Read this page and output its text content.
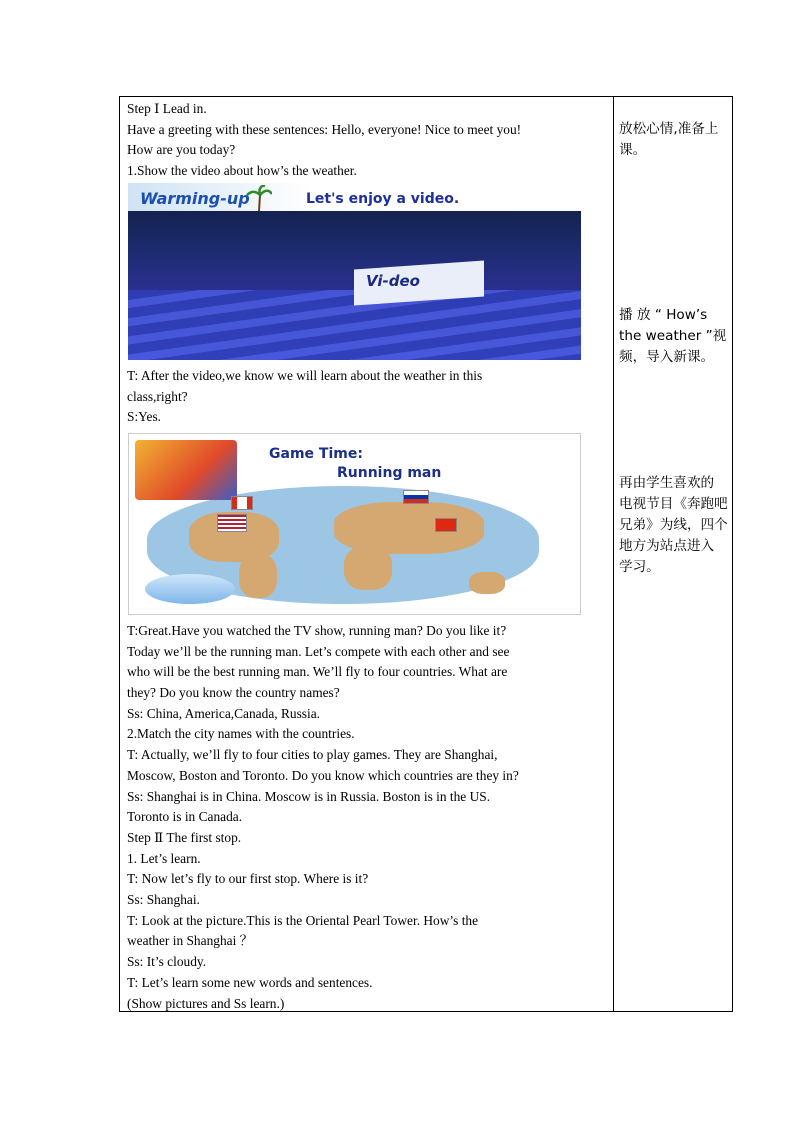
Step Ⅰ Lead in.

Have a greeting with these sentences: Hello, everyone! Nice to meet you!

How are you today?

1.Show the video about how’s the weather.

Warming-up	Let's enjoy a video.
Vi-deo

T: After the video,we know we will learn about the weather in this

class,right?

S:Yes.

Game Time:
Running man

T:Great.Have you watched the TV show, running man? Do you like it?

Today we’ll be the running man. Let’s compete with each other and see

who will be the best running man. We’ll fly to four countries. What are

they? Do you know the country names?

Ss: China, America,Canada, Russia.

2.Match the city names with the countries.

T: Actually, we’ll fly to four cities to play games. They are Shanghai,

Moscow, Boston and Toronto. Do you know which countries are they in?

Ss: Shanghai is in China. Moscow is in Russia. Boston is in the US.

Toronto is in Canada.

Step Ⅱ The first stop.

1. Let’s learn.

T: Now let’s fly to our first stop. Where is it?

Ss: Shanghai.

T: Look at the picture.This is the Oriental Pearl Tower. How’s the

weather in Shanghai ？

Ss: It’s cloudy.

T: Let’s learn some new words and sentences.

(Show pictures and Ss learn.)

放松心情,准备上

课。

播 放 “ How’s

the weather ”视

频，导入新课。

再由学生喜欢的

电视节目《奔跑吧

兄弟》为线，四个

地方为站点进入

学习。
